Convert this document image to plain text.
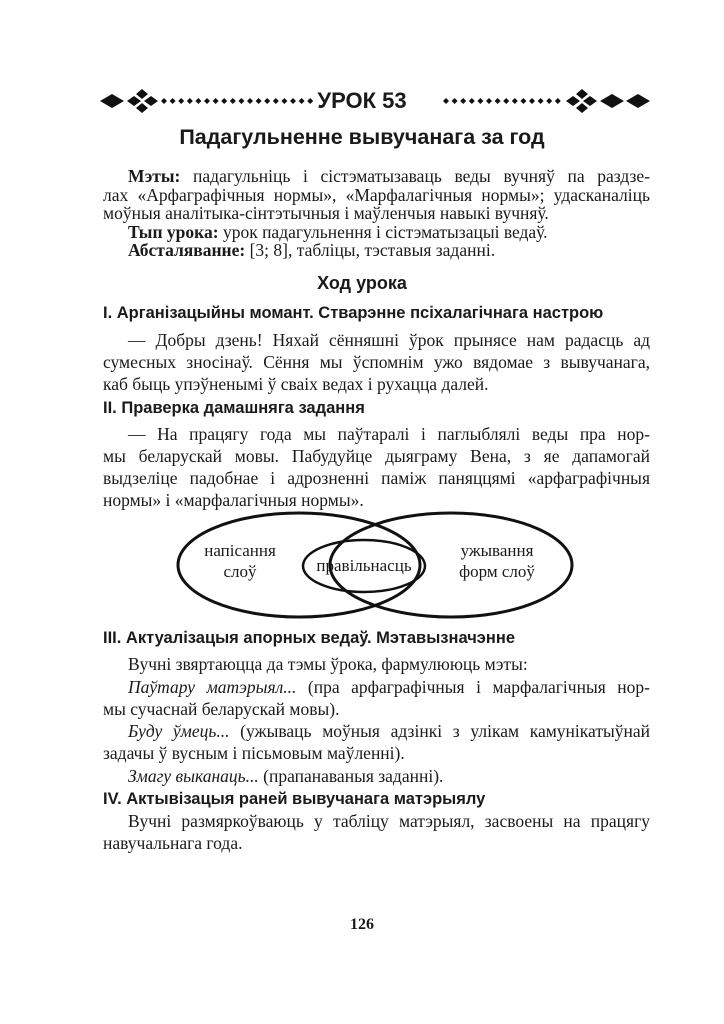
УРОК 53
Падагульненне вывучанага за год
Мэты: падагульніць і сістэматызаваць веды вучняў па раздзе-
лах «Арфаграфічныя нормы», «Марфалагічныя нормы»; удасканаліць
моўныя аналітыка-сінтэтычныя і маўленчыя навыкі вучняў.
Тып урока: урок падагульнення і сістэматызацыі ведаў.
Абсталяванне: [3; 8], табліцы, тэставыя заданні.
Ход урока
I. Арганізацыйны момант. Стварэнне псіхалагічнага настрою
— Добры дзень! Няхай сённяшні ўрок прынясе нам радасць ад
сумесных зносінаў. Сёння мы ўспомнім ужо вядомае з вывучанага,
каб быць упэўненымі ў сваіх ведах і рухацца далей.
II. Праверка дамашняга задання
— На працягу года мы паўтаралі і паглыблялі веды пра нор-
мы беларускай мовы. Пабудуйце дыяграму Вена, з яе дапамогай
выдзеліце падобнае і адрозненні паміж паняццямі «арфаграфічныя
нормы» і «марфалагічныя нормы».
напісання
слоў	правільнасць
ужывання
форм слоў
III. Актуалізацыя апорных ведаў. Мэтавызначэнне
Вучні звяртаюцца да тэмы ўрока, фармулююць мэты:
Паўтару матэрыял... (пра арфаграфічныя і марфалагічныя нор-
мы сучаснай беларускай мовы).
Буду ўмець... (ужываць моўныя адзінкі з улікам камунікатыўнай
задачы ў вусным і пісьмовым маўленні).
Змагу выканаць... (прапанаваныя заданні).
IV. Актывізацыя раней вывучанага матэрыялу
Вучні размяркоўваюць у табліцу матэрыял, засвоены на працягу
навучальнага года.
126
